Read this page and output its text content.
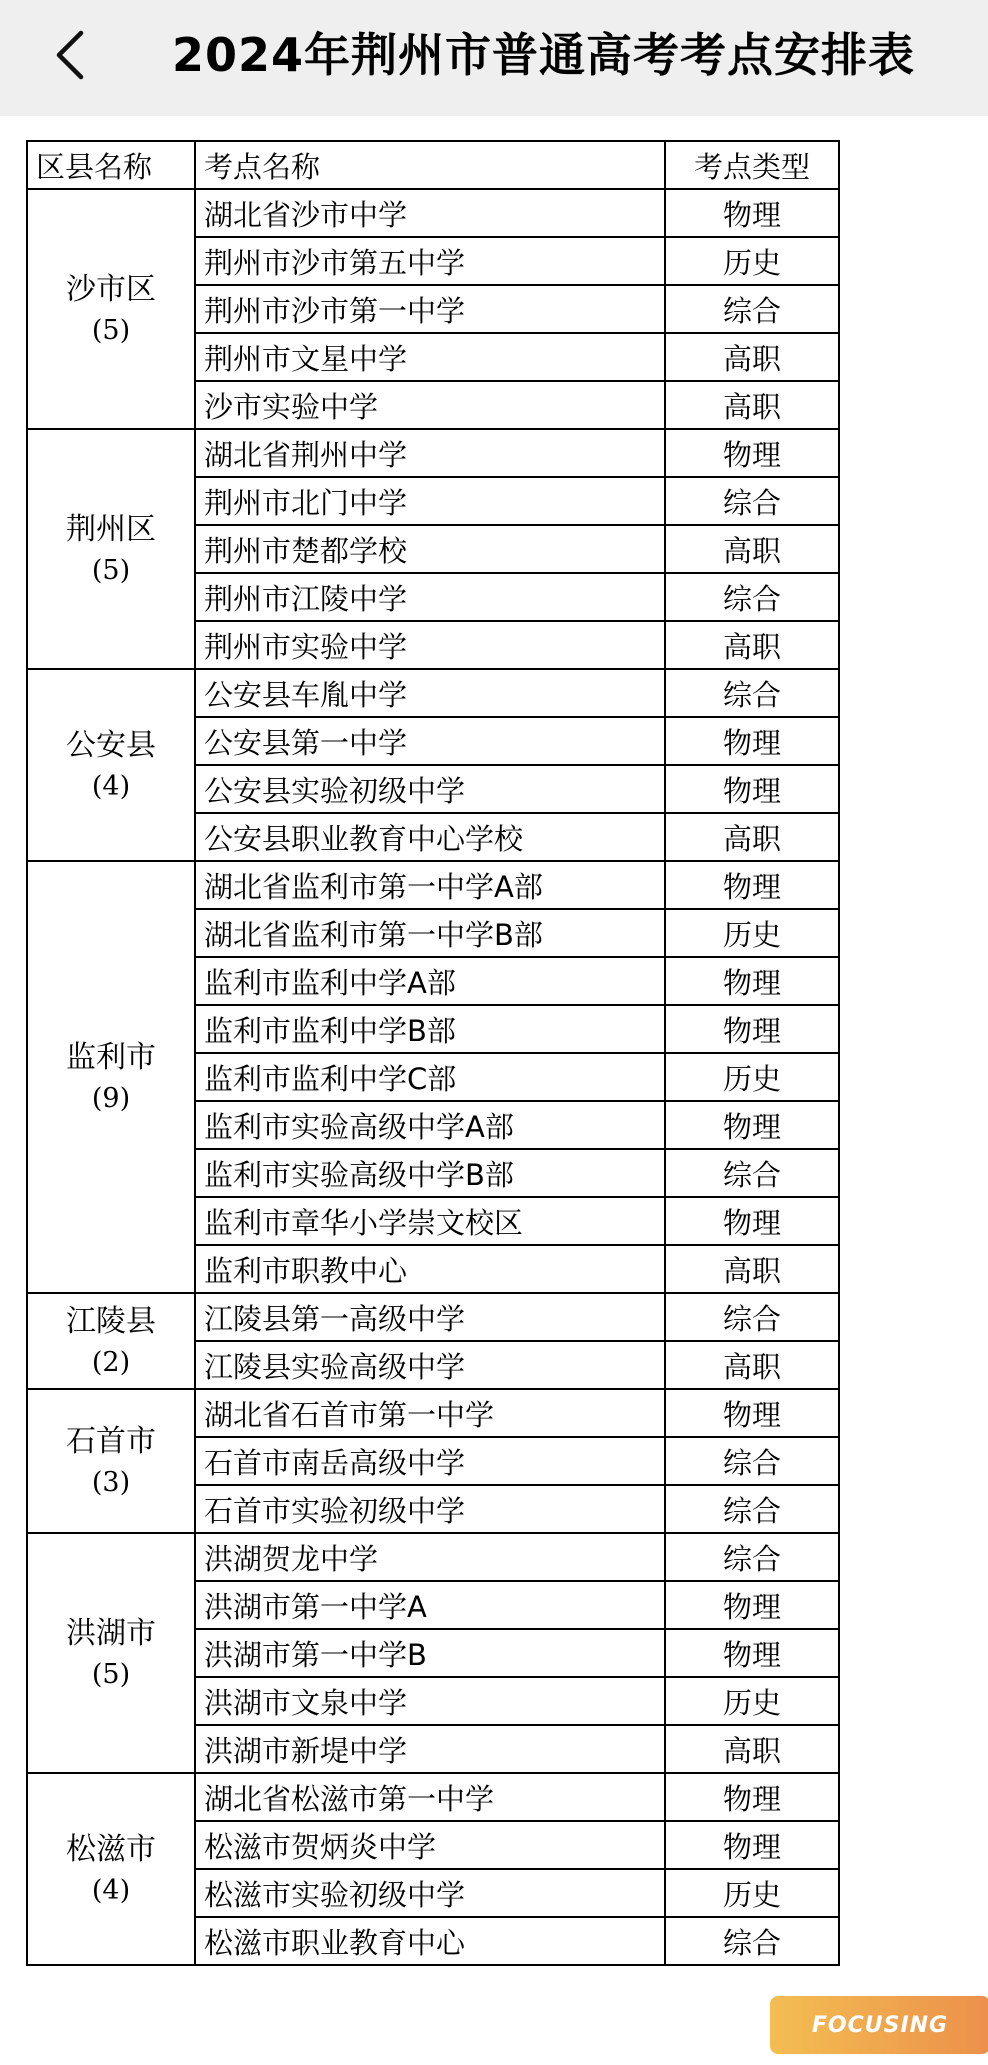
2024年荆州市普通高考考点安排表
区县名称	考点名称	考点类型

沙市区
(5)	湖北省沙市中学	物理
	荆州市沙市第五中学	历史
	荆州市沙市第一中学	综合
	荆州市文星中学	高职
	沙市实验中学	高职

荆州区
(5)	湖北省荆州中学	物理
	荆州市北门中学	综合
	荆州市楚都学校	高职
	荆州市江陵中学	综合
	荆州市实验中学	高职

公安县
(4)	公安县车胤中学	综合
	公安县第一中学	物理
	公安县实验初级中学	物理
	公安县职业教育中心学校	高职

监利市
(9)	湖北省监利市第一中学A部	物理
	湖北省监利市第一中学B部	历史
	监利市监利中学A部	物理
	监利市监利中学B部	物理
	监利市监利中学C部	历史
	监利市实验高级中学A部	物理
	监利市实验高级中学B部	综合
	监利市章华小学崇文校区	物理
	监利市职教中心	高职

江陵县
(2)	江陵县第一高级中学	综合
	江陵县实验高级中学	高职

石首市
(3)	湖北省石首市第一中学	物理
	石首市南岳高级中学	综合
	石首市实验初级中学	综合

洪湖市
(5)	洪湖贺龙中学	综合
	洪湖市第一中学A	物理
	洪湖市第一中学B	物理
	洪湖市文泉中学	历史
	洪湖市新堤中学	高职

松滋市
(4)	湖北省松滋市第一中学	物理
	松滋市贺炳炎中学	物理
	松滋市实验初级中学	历史
	松滋市职业教育中心	综合
FOCUSING
